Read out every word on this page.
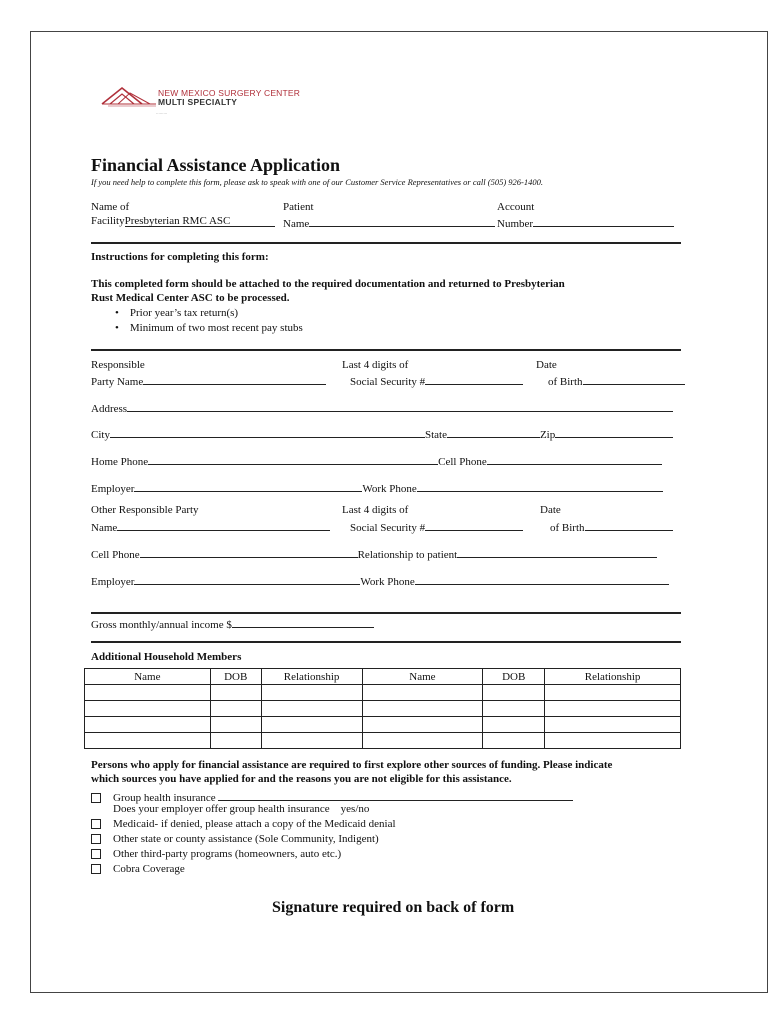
NEW MEXICO SURGERY CENTER
MULTI SPECIALTY
.........
Financial Assistance Application
If you need help to complete this form, please ask to speak with one of our Customer Service Representatives or call (505) 926-1400.
Name of
FacilityPresbyterian RMC ASC
Patient
Name
Account
Number
Instructions for completing this form:
This completed form should be attached to the required documentation and returned to Presbyterian
Rust Medical Center ASC to be processed.
•    Prior year’s tax return(s)
•    Minimum of two most recent pay stubs
Responsible
Party Name
Last 4 digits of
Social Security #
Date
of Birth
Address
City	State	Zip
Home Phone	Cell Phone
Employer	Work Phone
Other Responsible Party
Name
Last 4 digits of
Social Security #
Date
of Birth
Cell Phone	Relationship to patient
Employer	Work Phone
Gross monthly/annual income $
Additional Household Members
Name	DOB	Relationship	Name	DOB	Relationship

Persons who apply for financial assistance are required to first explore other sources of funding. Please indicate
which sources you have applied for and the reasons you are not eligible for this assistance.
Group health insurance
Does your employer offer group health insurance yes/no
Medicaid- if denied, please attach a copy of the Medicaid denial
Other state or county assistance (Sole Community, Indigent)
Other third-party programs (homeowners, auto etc.)
Cobra Coverage
Signature required on back of form
